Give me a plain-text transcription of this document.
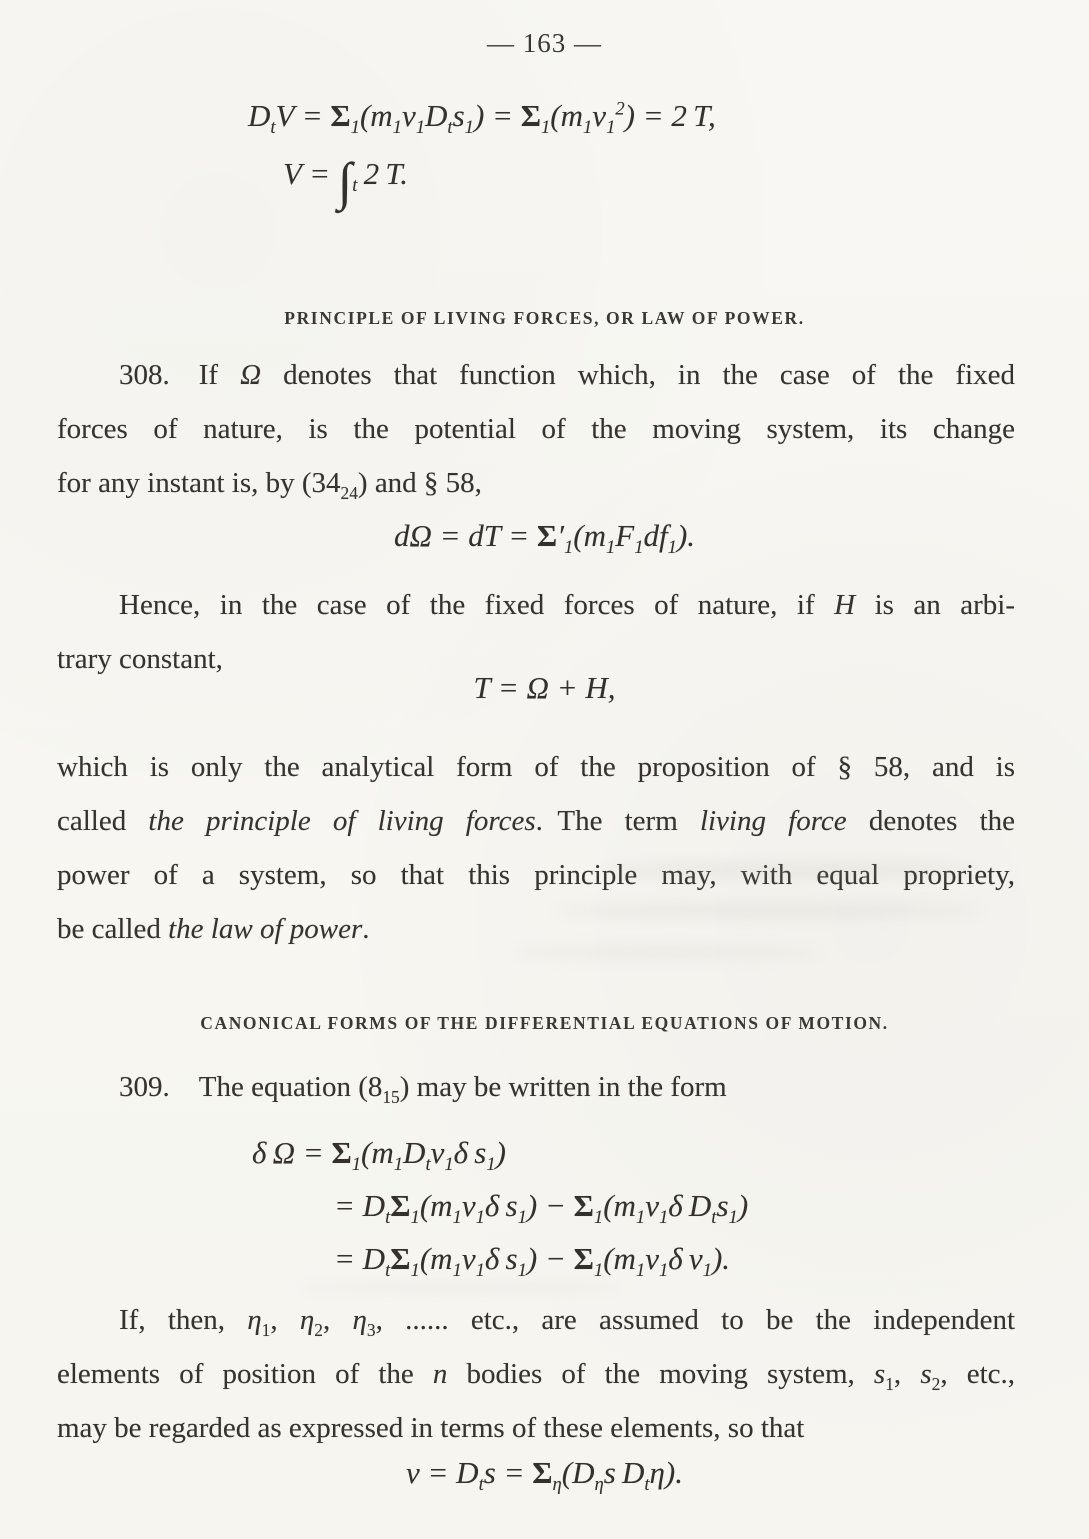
— 163 —
$D_tV = \Sigma_1(m_1v_1D_ts_1) = \Sigma_1(m_1v_1^2) = 2$ T,
$V = \int_t$ 2 T.
PRINCIPLE OF LIVING FORCES, OR LAW OF POWER.
308. If Ω denotes that function which, in the case of the fixed
forces of nature, is the potential of the moving system, its change
for any instant is, by $(34_{24})$ and § 58,
dΩ = dT = $\Sigma'_1(m_1F_1df_1)$.
Hence, in the case of the fixed forces of nature, if H is an arbi-
trary constant,
T = Ω + H,
which is only the analytical form of the proposition of § 58, and is
called the principle of living forces. The term living force denotes the
power of a system, so that this principle may, with equal propriety,
be called the law of power.
CANONICAL FORMS OF THE DIFFERENTIAL EQUATIONS OF MOTION.
309. The equation $(8_{15})$ may be written in the form
δ $\Omega = \Sigma_1(m_1D_tv_1\delta$ $s_1$)
= $D_t\Sigma_1(m_1v_1\delta$ $s_1) - \Sigma_1(m_1v_1\delta$ $D_ts_1$)
= $D_t\Sigma_1(m_1v_1\delta$ $s_1) - \Sigma_1(m_1v_1\delta$ $v_1$).
If, then, $\eta_1$, $\eta_2$, $\eta_3$, ...... etc., are assumed to be the independent
elements of position of the n bodies of the moving system, $s_1$, $s_2$, etc.,
may be regarded as expressed in terms of these elements, so that
$v = D_ts = \Sigma_\eta(D_\eta s$ $D_t\eta$).
